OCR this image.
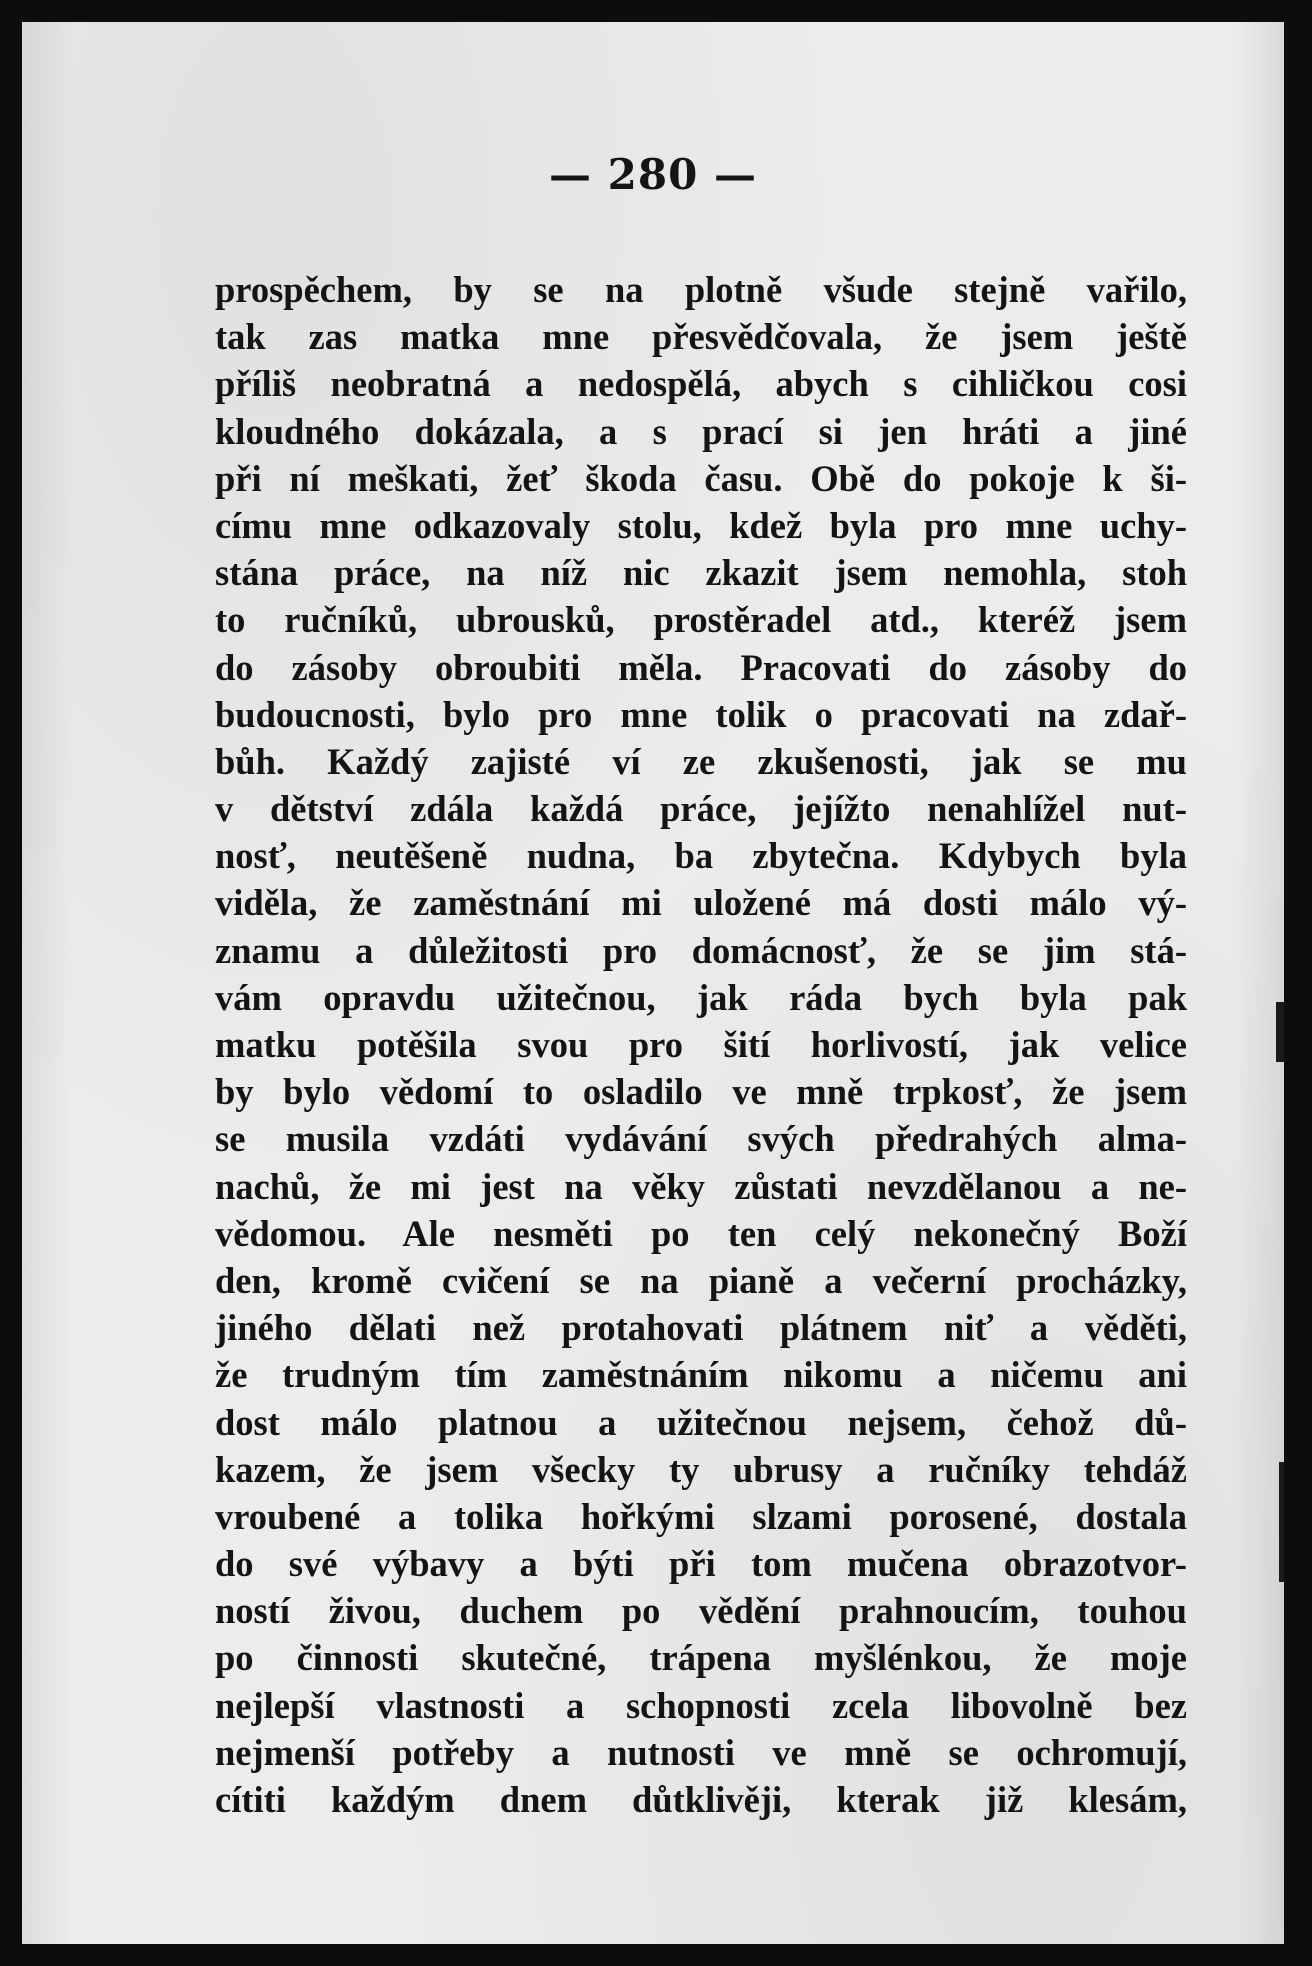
— 280 —
prospěchem, by se na plotně všude stejně vařilo,
tak zas matka mne přesvědčovala, že jsem ještě
příliš neobratná a nedospělá, abych s cihličkou cosi
kloudného dokázala, a s prací si jen hráti a jiné
při ní meškati, žeť škoda času. Obě do pokoje k ši-
címu mne odkazovaly stolu, kdež byla pro mne uchy-
stána práce, na níž nic zkazit jsem nemohla, stoh
to ručníků, ubrousků, prostěradel atd., kteréž jsem
do zásoby obroubiti měla. Pracovati do zásoby do
budoucnosti, bylo pro mne tolik o pracovati na zdař-
bůh. Každý zajisté ví ze zkušenosti, jak se mu
v dětství zdála každá práce, jejížto nenahlížel nut-
nosť, neutěšeně nudna, ba zbytečna. Kdybych byla
viděla, že zaměstnání mi uložené má dosti málo vý-
znamu a důležitosti pro domácnosť, že se jim stá-
vám opravdu užitečnou, jak ráda bych byla pak
matku potěšila svou pro šití horlivostí, jak velice
by bylo vědomí to osladilo ve mně trpkosť, že jsem
se musila vzdáti vydávání svých předrahých alma-
nachů, že mi jest na věky zůstati nevzdělanou a ne-
vědomou. Ale nesměti po ten celý nekonečný Boží
den, kromě cvičení se na pianě a večerní procházky,
jiného dělati než protahovati plátnem niť a věděti,
že trudným tím zaměstnáním nikomu a ničemu ani
dost málo platnou a užitečnou nejsem, čehož dů-
kazem, že jsem všecky ty ubrusy a ručníky tehdáž
vroubené a tolika hořkými slzami porosené, dostala
do své výbavy a býti při tom mučena obrazotvor-
ností živou, duchem po vědění prahnoucím, touhou
po činnosti skutečné, trápena myšlénkou, že moje
nejlepší vlastnosti a schopnosti zcela libovolně bez
nejmenší potřeby a nutnosti ve mně se ochromují,
cítiti každým dnem důtklivěji, kterak již klesám,
